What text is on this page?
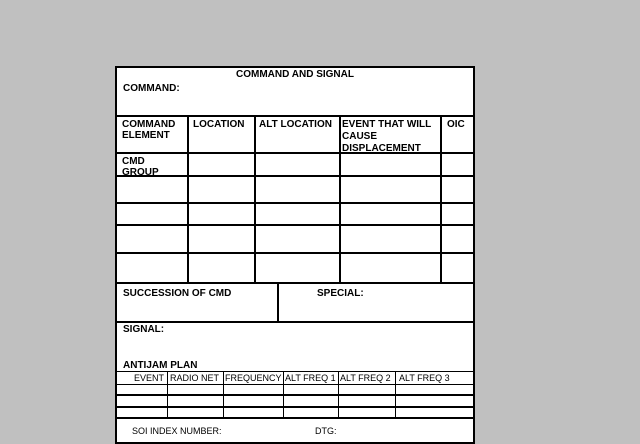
COMMAND AND SIGNAL
COMMAND:
COMMAND
ELEMENT
LOCATION ALT LOCATION EVENT THAT WILL
CAUSE
DISPLACEMENT
OIC
CMD
GROUP
SUCCESSION OF CMD	SPECIAL:
SIGNAL:
ANTIJAM PLAN
EVENT RADIO NET FREQUENCY ALT FREQ 1 ALT FREQ 2 ALT FREQ 3
SOI INDEX NUMBER:	DTG:
